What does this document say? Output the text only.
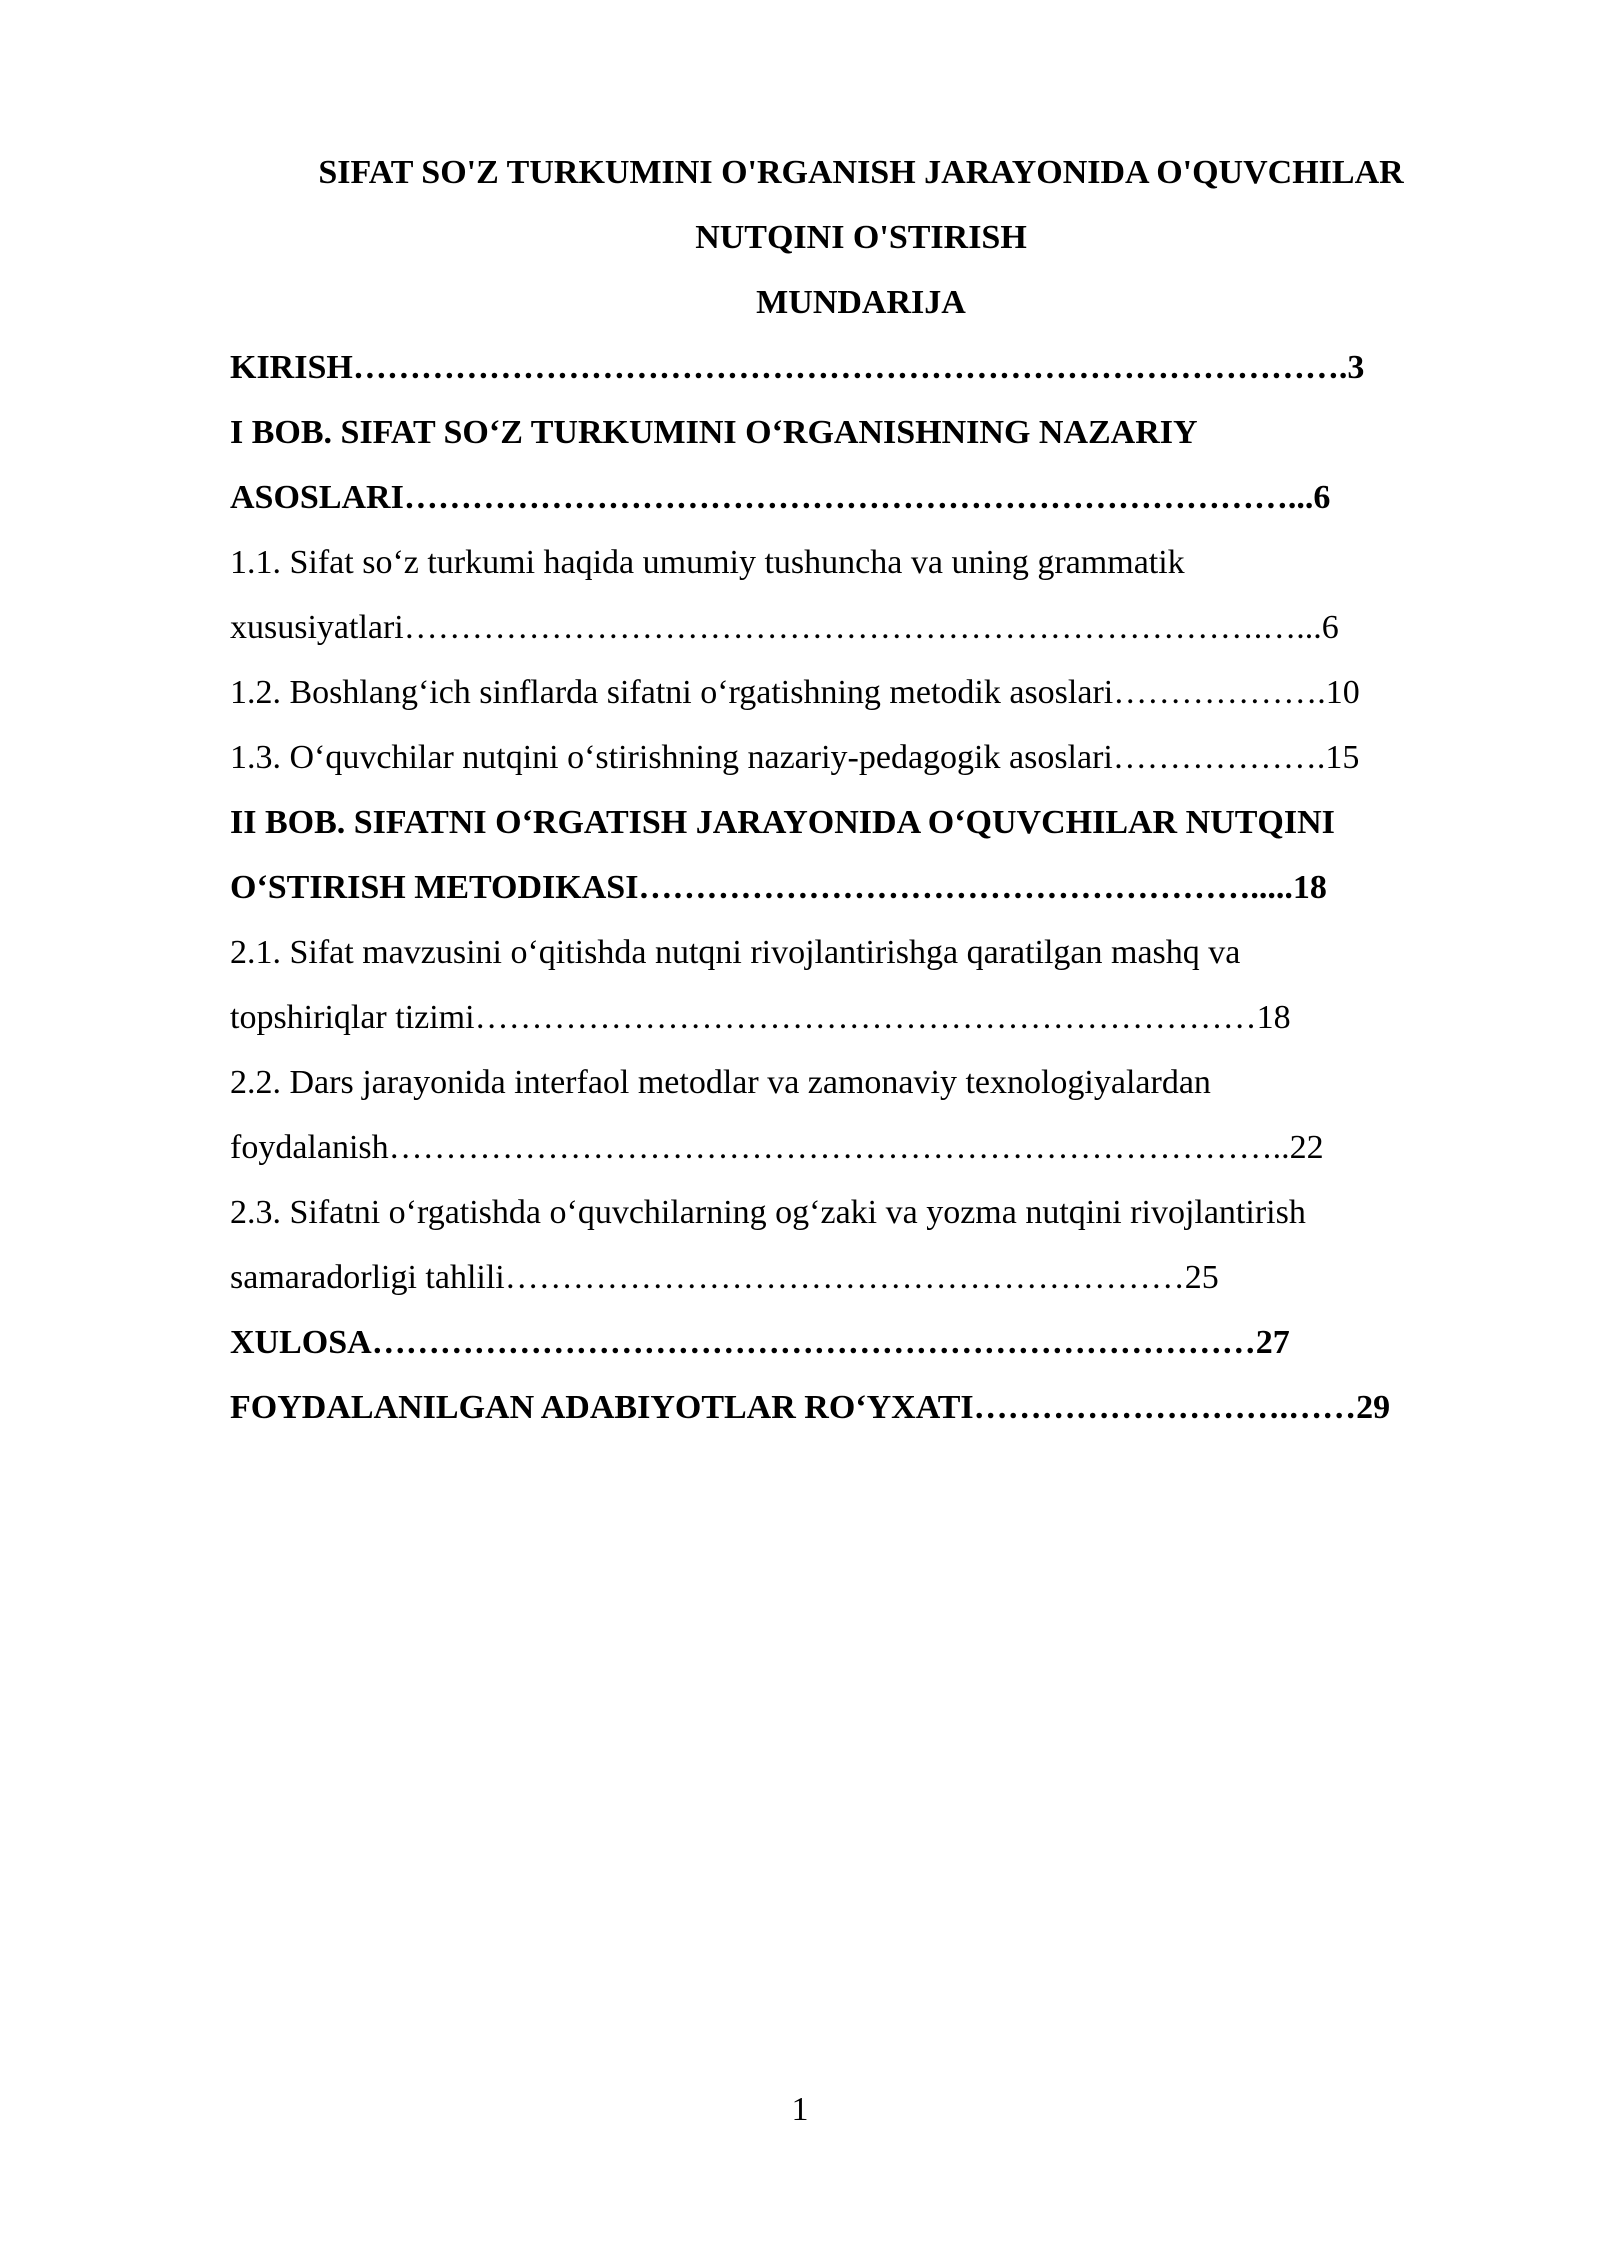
SIFAT SO'Z TURKUMINI O'RGANISH JARAYONIDA O'QUVCHILAR
NUTQINI O'STIRISH
MUNDARIJA
KIRISH…………………………………………………………………………….3
I BOB. SIFAT SOʻZ TURKUMINI OʻRGANISHNING NAZARIY
ASOSLARI……………………………………………………………………...6
1.1. Sifat soʻz turkumi haqida umumiy tushuncha va uning grammatik
xususiyatlari………………………………………………………………….…...6
1.2. Boshlangʻich sinflarda sifatni oʻrgatishning metodik asoslari……………….10
1.3. Oʻquvchilar nutqini oʻstirishning nazariy-pedagogik asoslari……………….15
II BOB. SIFATNI OʻRGATISH JARAYONIDA OʻQUVCHILAR NUTQINI
OʻSTIRISH METODIKASI……………………………………………….....18
2.1. Sifat mavzusini oʻqitishda nutqni rivojlantirishga qaratilgan mashq va
topshiriqlar tizimi……………………………………………………………18
2.2. Dars jarayonida interfaol metodlar va zamonaviy texnologiyalardan
foydalanish……………………………………………………………………..22
2.3. Sifatni oʻrgatishda oʻquvchilarning ogʻzaki va yozma nutqini rivojlantirish
samaradorligi tahlili……………………………………………………25
XULOSA……………………………………………………………………27
FOYDALANILGAN ADABIYOTLAR ROʻYXATI……………………….……29
1
